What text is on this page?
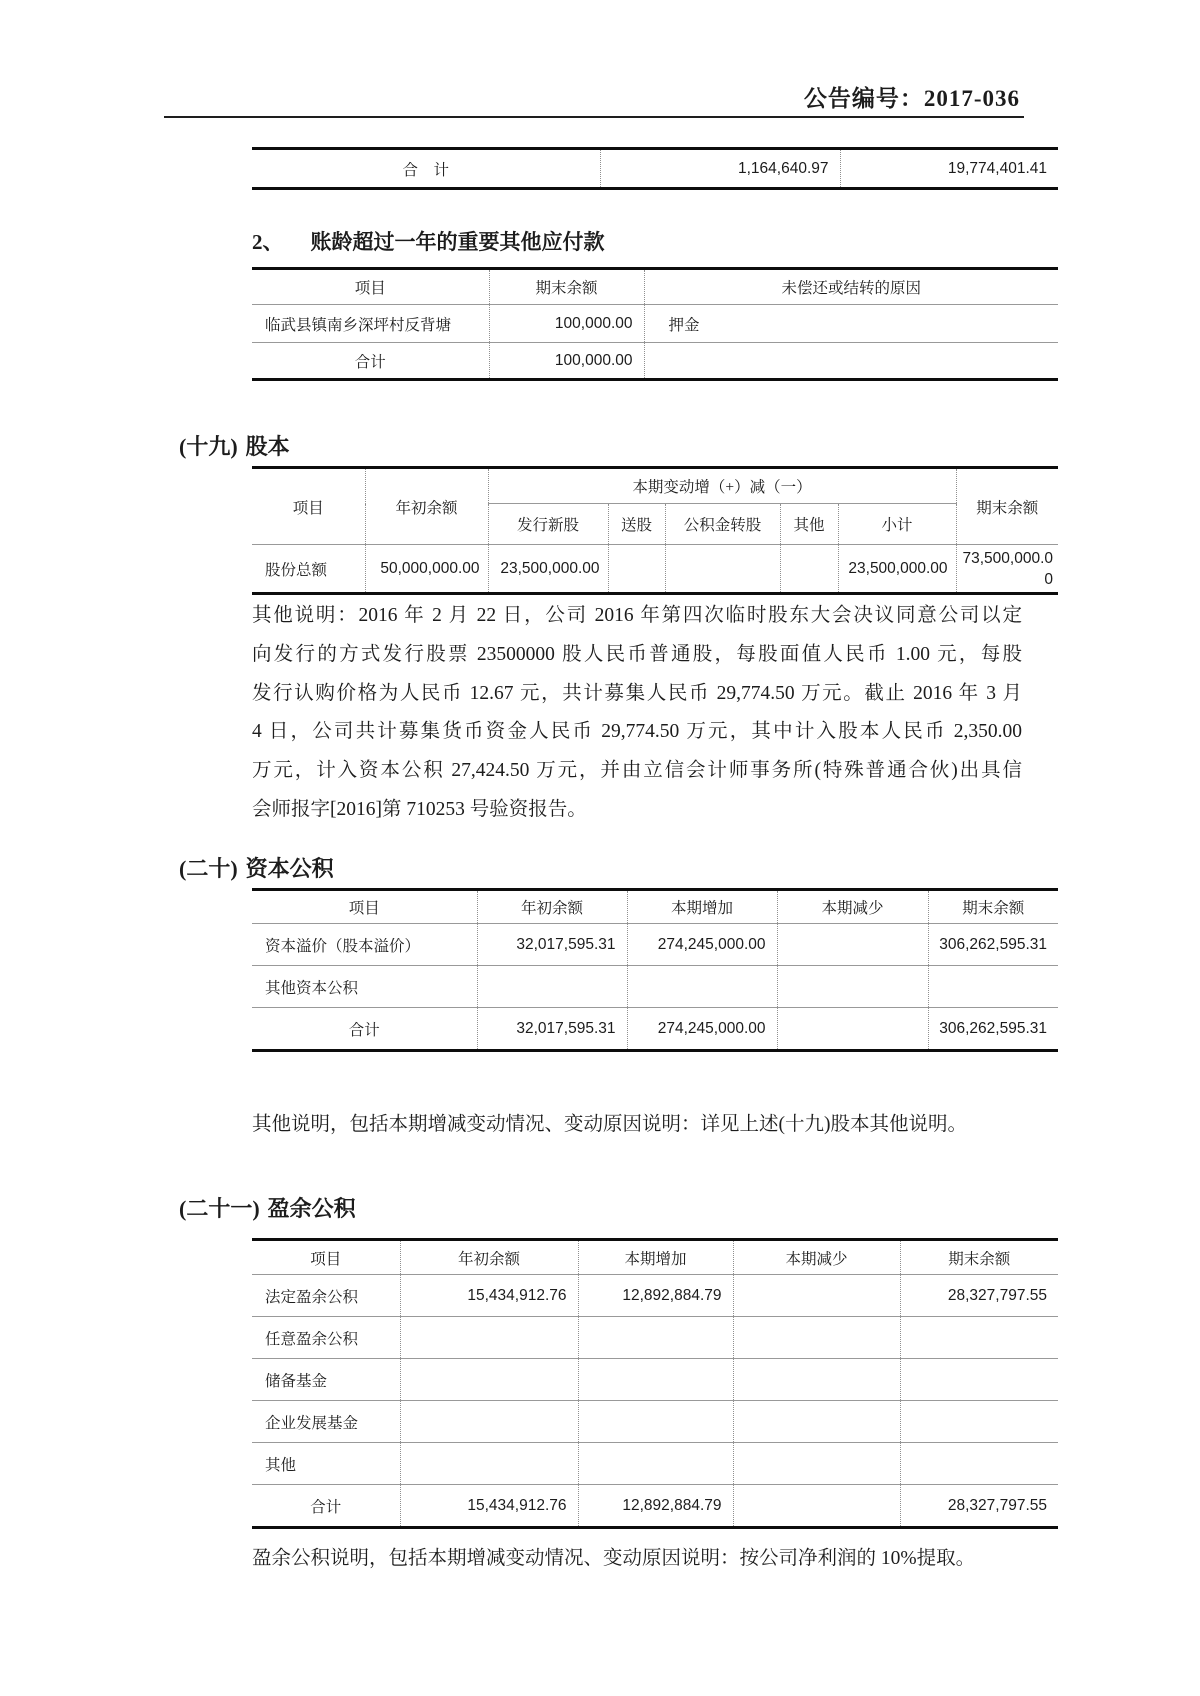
公告编号：2017-036
合　计	1,164,640.97	19,774,401.41
2、 账龄超过一年的重要其他应付款
项目	期末余额	未偿还或结转的原因
临武县镇南乡深坪村反背塘	100,000.00	押金
合计	100,000.00	
(十九) 股本
项目	年初余额	本期变动增（+）减（一）					期末余额
		发行新股	送股	公积金转股	其他	小计	
股份总额	50,000,000.00	23,500,000.00				23,500,000.00	73,500,000.00
其他说明：2016 年 2 月 22 日，公司 2016 年第四次临时股东大会决议同意公司以定
向发行的方式发行股票 23500000 股人民币普通股，每股面值人民币 1.00 元，每股
发行认购价格为人民币 12.67 元，共计募集人民币 29,774.50 万元。截止 2016 年 3 月
4 日，公司共计募集货币资金人民币 29,774.50 万元，其中计入股本人民币 2,350.00
万元，计入资本公积 27,424.50 万元，并由立信会计师事务所(特殊普通合伙)出具信
会师报字[2016]第 710253 号验资报告。
(二十) 资本公积
项目	年初余额	本期增加	本期减少	期末余额
资本溢价（股本溢价）	32,017,595.31	274,245,000.00		306,262,595.31
其他资本公积				
合计	32,017,595.31	274,245,000.00		306,262,595.31
其他说明，包括本期增减变动情况、变动原因说明：详见上述(十九)股本其他说明。
(二十一) 盈余公积
项目	年初余额	本期增加	本期减少	期末余额
法定盈余公积	15,434,912.76	12,892,884.79		28,327,797.55
任意盈余公积				
储备基金				
企业发展基金				
其他				
合计	15,434,912.76	12,892,884.79		28,327,797.55
盈余公积说明，包括本期增减变动情况、变动原因说明：按公司净利润的 10%提取。
